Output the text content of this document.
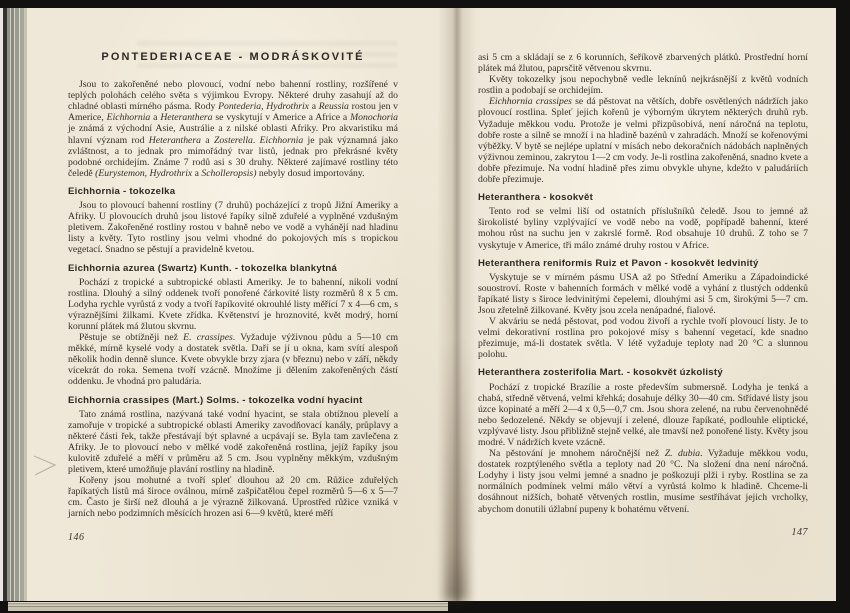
PONTEDERIACEAE - MODRÁSKOVITÉ

Jsou to zakořeněné nebo plovoucí, vodní nebo bahenní rostliny, rozšířené v teplých polohách celého světa s výjimkou Evropy. Některé druhy zasahují až do chladné oblasti mírného pásma. Rody Pontederia, Hydrothrix a Reussia rostou jen v Americe, Eichhornia a Heteranthera se vyskytují v Americe a Africe a Monochoria je známá z východní Asie, Austrálie a z nilské oblasti Afriky. Pro akvaristiku má hlavní význam rod Heteranthera a Zosterella. Eichhornia je pak významná jako zvláštnost, a to jednak pro mimořádný tvar listů, jednak pro překrásné květy podobné orchidejím. Známe 7 rodů asi s 30 druhy. Některé zajímavé rostliny této čeledě (Eurystemon, Hydrothrix a Scholleropsis) nebyly dosud importovány.

Eichhornia - tokozelka

Jsou to plovoucí bahenní rostliny (7 druhů) pocházející z tropů Jižní Ameriky a Afriky. U plovoucích druhů jsou listové řapíky silně zduřelé a vyplněné vzdušným pletivem. Zakořeněné rostliny rostou v bahně nebo ve vodě a vyhánějí nad hladinu listy a květy. Tyto rostliny jsou velmi vhodné do pokojových mís s tropickou vegetací. Snadno se pěstují a pravidelně kvetou.

Eichhornia azurea (Swartz) Kunth. - tokozelka blankytná

Pochází z tropické a subtropické oblasti Ameriky. Je to bahenní, nikoli vodní rostlina. Dlouhý a silný oddenek tvoří ponořené čárkovité listy rozměrů 8 x 5 cm. Lodyha rychle vyrůstá z vody a tvoří řapíkovité okrouhlé listy měřící 7 x 4—6 cm, s výraznějšími žilkami. Kvete zřídka. Květenství je hroznovité, květ modrý, horní korunní plátek má žlutou skvrnu.

Pěstuje se obtížněji než E. crassipes. Vyžaduje výživnou půdu a 5—10 cm měkké, mírně kyselé vody a dostatek světla. Daří se jí u okna, kam svítí alespoň několik hodin denně slunce. Kvete obvykle brzy zjara (v březnu) nebo v září, někdy vícekrát do roka. Semena tvoří vzácně. Množíme ji dělením zakořeněných částí oddenku. Je vhodná pro paludária.

Eichhornia crassipes (Mart.) Solms. - tokozelka vodní hyacint

Tato známá rostlina, nazývaná také vodní hyacint, se stala obtížnou plevelí a zamořuje v tropické a subtropické oblasti Ameriky zavodňovací kanály, průplavy a některé části řek, takže přestávají být splavné a ucpávají se. Byla tam zavlečena z Afriky. Je to plovoucí nebo v mělké vodě zakořeněná rostlina, jejíž řapíky jsou kulovitě zduřelé a měří v průměru až 5 cm. Jsou vyplněny měkkým, vzdušným pletivem, které umožňuje plavání rostliny na hladině.

Kořeny jsou mohutné a tvoří spleť dlouhou až 20 cm. Růžice zduřelých řapíkatých listů má široce oválnou, mírně zašpičatělou čepel rozměrů 5—6 x 5—7 cm. Často je širší než dlouhá a je výrazně žilkovaná. Uprostřed růžice vzniká v jarních nebo podzimních měsících hrozen asi 6—9 květů, které měří

146

asi 5 cm a skládají se z 6 korunních, šeříkově zbarvených plátků. Prostřední horní plátek má žlutou, paprsčitě větvenou skvrnu.

Květy tokozelky jsou nepochybně vedle leknínů nejkrásnější z květů vodních rostlin a podobají se orchidejím.

Eichhornia crassipes se dá pěstovat na větších, dobře osvětlených nádržích jako plovoucí rostlina. Spleť jejich kořenů je výborným úkrytem některých druhů ryb. Vyžaduje měkkou vodu. Protože je velmi přizpůsobivá, není náročná na teplotu, dobře roste a silně se množí i na hladině bazénů v zahradách. Množí se kořenovými výběžky. V bytě se nejlépe uplatní v mísách nebo dekoračních nádobách naplněných výživnou zeminou, zakrytou 1—2 cm vody. Je-li rostlina zakořeněná, snadno kvete a dobře přezimuje. Na vodní hladině přes zimu obvykle uhyne, kdežto v paludáriích dobře přezimuje.

Heteranthera - kosokvět

Tento rod se velmi liší od ostatních příslušníků čeledě. Jsou to jemné až širokolisté byliny vzplývající ve vodě nebo na vodě, popřípadě bahenní, které mohou růst na suchu jen v zakrslé formě. Rod obsahuje 10 druhů. Z toho se 7 vyskytuje v Americe, tři málo známé druhy rostou v Africe.

Heteranthera reniformis Ruiz et Pavon - kosokvět ledvinitý

Vyskytuje se v mírném pásmu USA až po Střední Ameriku a Západoindické souostroví. Roste v bahenních formách v mělké vodě a vyhání z tlustých oddenků řapíkaté listy s široce ledvinitými čepelemi, dlouhými asi 5 cm, širokými 5—7 cm. Jsou zřetelně žilkované. Květy jsou zcela nenápadné, fialové.

V akváriu se nedá pěstovat, pod vodou živoří a rychle tvoří plovoucí listy. Je to velmi dekorativní rostlina pro pokojové mísy s bahenní vegetací, kde snadno přezimuje, má-li dostatek světla. V létě vyžaduje teploty nad 20 °C a slunnou polohu.

Heteranthera zosterifolia Mart. - kosokvět úzkolistý

Pochází z tropické Brazílie a roste především submersně. Lodyha je tenká a chabá, středně větvená, velmi křehká; dosahuje délky 30—40 cm. Střídavé listy jsou úzce kopinaté a měří 2—4 x 0,5—0,7 cm. Jsou shora zelené, na rubu červenohnědé nebo šedozelené. Někdy se objevují i zelené, dlouze řapíkaté, podlouhle eliptické, vzplývavé listy. Jsou přibližně stejně velké, ale tmavší než ponořené listy. Květy jsou modré. V nádržích kvete vzácně.

Na pěstování je mnohem náročnější než Z. dubia. Vyžaduje měkkou vodu, dostatek rozptýleného světla a teploty nad 20 °C. Na složení dna není náročná. Lodyhy i listy jsou velmi jemné a snadno je poškozují plži i ryby. Rostlina se za normálních podmínek velmi málo větví a vyrůstá kolmo k hladině. Chceme-li dosáhnout nižších, bohatě větvených rostlin, musíme sestříhávat jejich vrcholky, abychom donutili úžlabní pupeny k bohatému větvení.

147
